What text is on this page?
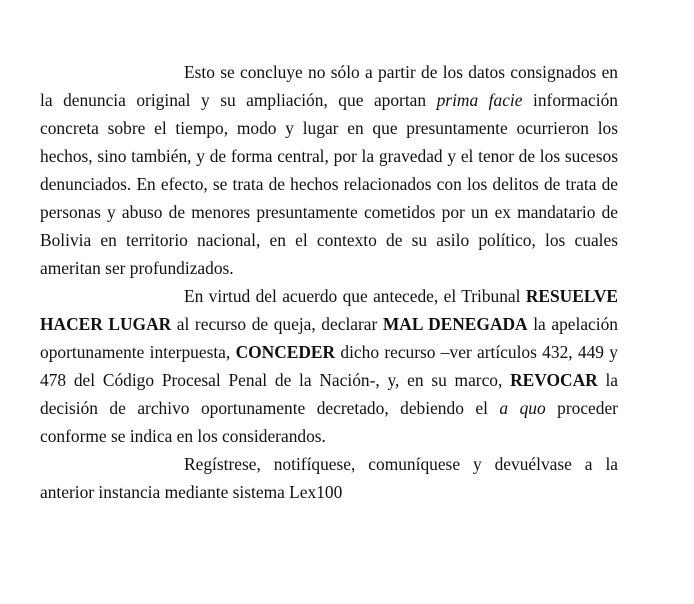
Esto se concluye no sólo a partir de los datos consignados en la denuncia original y su ampliación, que aportan prima facie información concreta sobre el tiempo, modo y lugar en que presuntamente ocurrieron los hechos, sino también, y de forma central, por la gravedad y el tenor de los sucesos denunciados. En efecto, se trata de hechos relacionados con los delitos de trata de personas y abuso de menores presuntamente cometidos por un ex mandatario de Bolivia en territorio nacional, en el contexto de su asilo político, los cuales ameritan ser profundizados.

En virtud del acuerdo que antecede, el Tribunal RESUELVE HACER LUGAR al recurso de queja, declarar MAL DENEGADA la apelación oportunamente interpuesta, CONCEDER dicho recurso –ver artículos 432, 449 y 478 del Código Procesal Penal de la Nación-, y, en su marco, REVOCAR la decisión de archivo oportunamente decretado, debiendo el a quo proceder conforme se indica en los considerandos.

Regístrese, notifíquese, comuníquese y devuélvase a la anterior instancia mediante sistema Lex100
